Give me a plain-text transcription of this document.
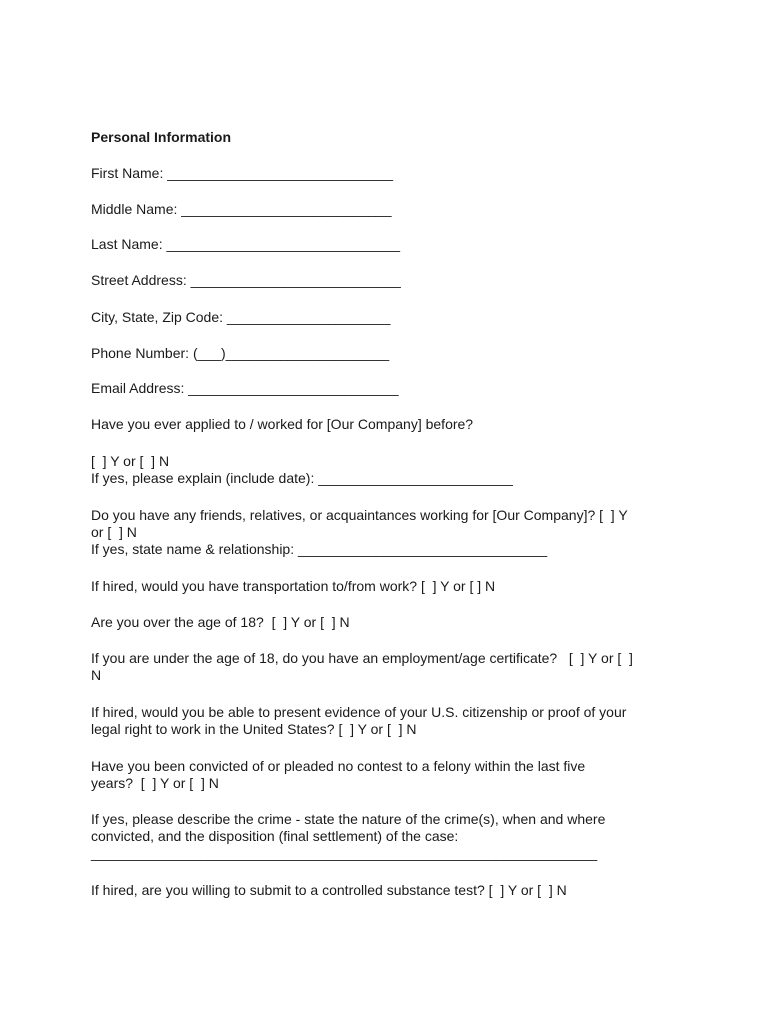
Personal Information

First Name: _____________________________

Middle Name: ___________________________

Last Name: ______________________________

Street Address: ___________________________

City, State, Zip Code: _____________________

Phone Number: (___)_____________________

Email Address: ___________________________

Have you ever applied to / worked for [Our Company] before?

[  ] Y or [  ] N

If yes, please explain (include date): _________________________

Do you have any friends, relatives, or acquaintances working for [Our Company]? [  ] Y

or [  ] N

If yes, state name & relationship: ________________________________

If hired, would you have transportation to/from work? [  ] Y or [ ] N

Are you over the age of 18?  [  ] Y or [  ] N

If you are under the age of 18, do you have an employment/age certificate?   [  ] Y or [  ]

N

If hired, would you be able to present evidence of your U.S. citizenship or proof of your

legal right to work in the United States? [  ] Y or [  ] N

Have you been convicted of or pleaded no contest to a felony within the last five

years?  [  ] Y or [  ] N

If yes, please describe the crime - state the nature of the crime(s), when and where

convicted, and the disposition (final settlement) of the case:

_________________________________________________________________

If hired, are you willing to submit to a controlled substance test? [  ] Y or [  ] N
